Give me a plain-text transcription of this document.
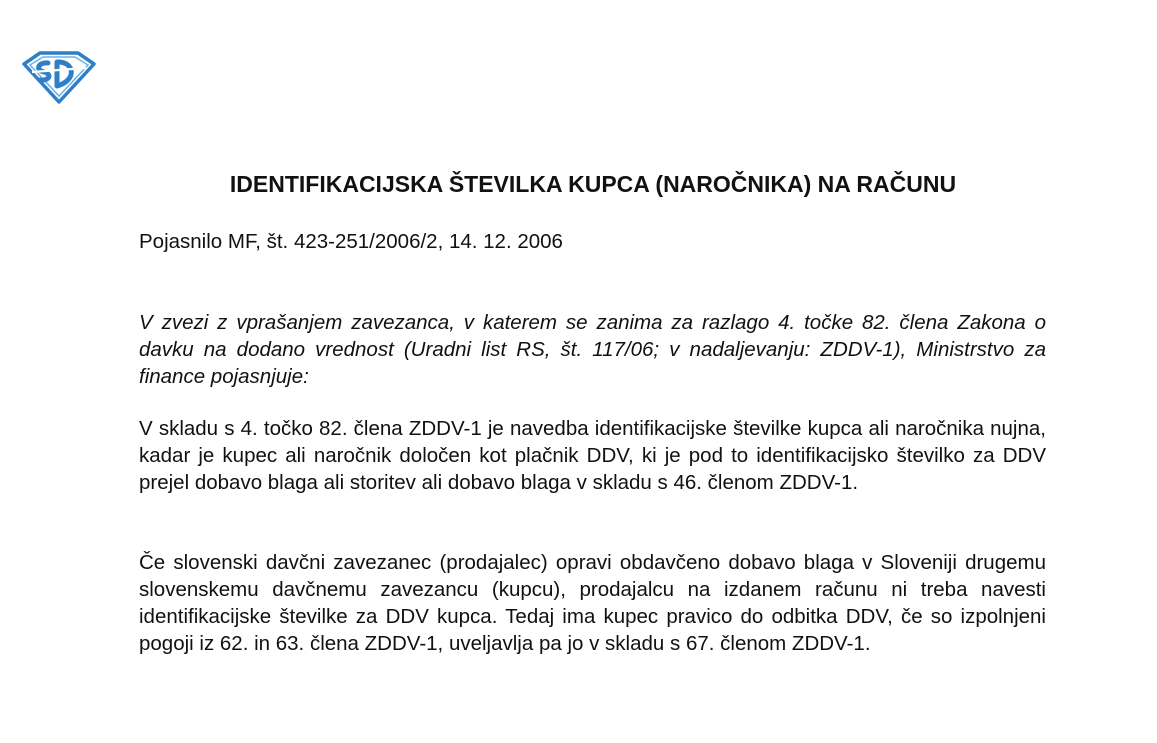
IDENTIFIKACIJSKA ŠTEVILKA KUPCA (NAROČNIKA) NA RAČUNU

Pojasnilo MF, št. 423-251/2006/2, 14. 12. 2006

V zvezi z vprašanjem zavezanca, v katerem se zanima za razlago 4. točke 82. člena Zakona o davku na dodano vrednost (Uradni list RS, št. 117/06; v nadaljevanju: ZDDV-1), Ministrstvo za finance pojasnjuje:

V skladu s 4. točko 82. člena ZDDV-1 je navedba identifikacijske številke kupca ali naročnika nujna, kadar je kupec ali naročnik določen kot plačnik DDV, ki je pod to identifikacijsko številko za DDV prejel dobavo blaga ali storitev ali dobavo blaga v skladu s 46. členom ZDDV-1.

Če slovenski davčni zavezanec (prodajalec) opravi obdavčeno dobavo blaga v Sloveniji drugemu slovenskemu davčnemu zavezancu (kupcu), prodajalcu na izdanem računu ni treba navesti identifikacijske številke za DDV kupca. Tedaj ima kupec pravico do odbitka DDV, če so izpolnjeni pogoji iz 62. in 63. člena ZDDV-1, uveljavlja pa jo v skladu s 67. členom ZDDV-1.
